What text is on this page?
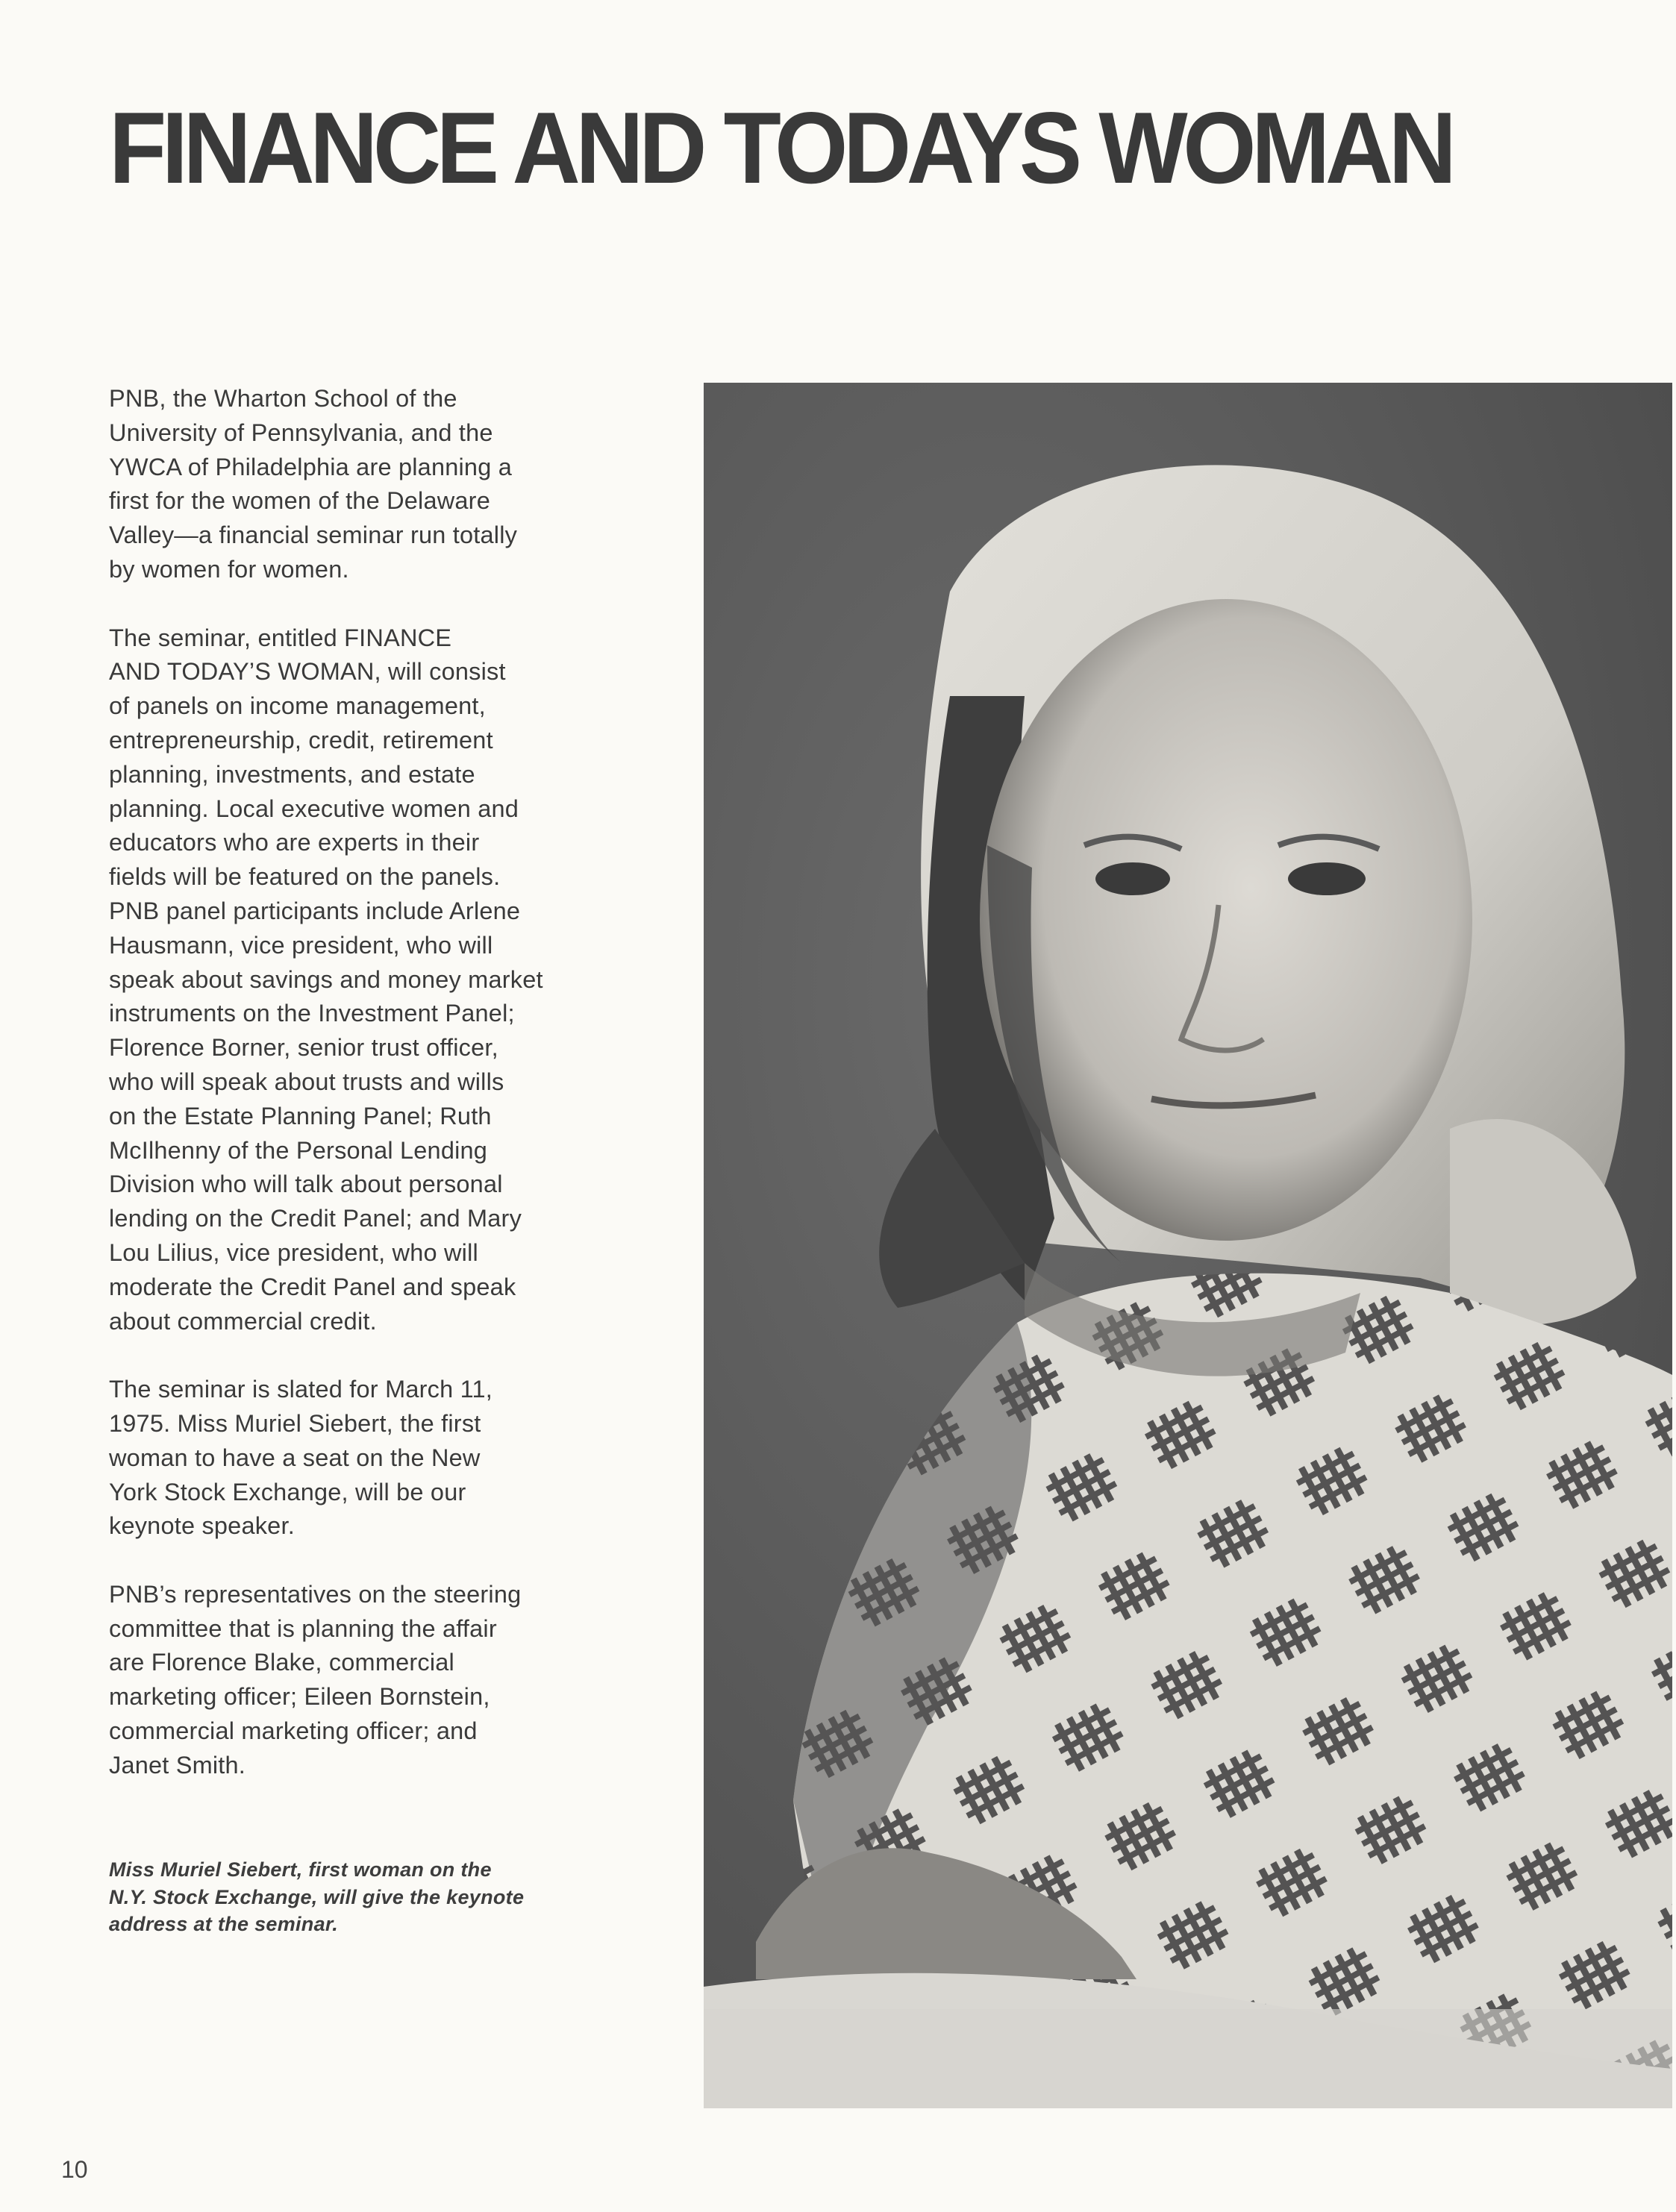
FINANCE AND TODAYS WOMAN

PNB, the Wharton School of the
University of Pennsylvania, and the
YWCA of Philadelphia are planning a
first for the women of the Delaware
Valley—a financial seminar run totally
by women for women.

The seminar, entitled FINANCE
AND TODAY’S WOMAN, will consist
of panels on income management,
entrepreneurship, credit, retirement
planning, investments, and estate
planning. Local executive women and
educators who are experts in their
fields will be featured on the panels.
PNB panel participants include Arlene
Hausmann, vice president, who will
speak about savings and money market
instruments on the Investment Panel;
Florence Borner, senior trust officer,
who will speak about trusts and wills
on the Estate Planning Panel; Ruth
McIlhenny of the Personal Lending
Division who will talk about personal
lending on the Credit Panel; and Mary
Lou Lilius, vice president, who will
moderate the Credit Panel and speak
about commercial credit.

The seminar is slated for March 11,
1975. Miss Muriel Siebert, the first
woman to have a seat on the New
York Stock Exchange, will be our
keynote speaker.

PNB’s representatives on the steering
committee that is planning the affair
are Florence Blake, commercial
marketing officer; Eileen Bornstein,
commercial marketing officer; and
Janet Smith.

Miss Muriel Siebert, first woman on the
N.Y. Stock Exchange, will give the keynote
address at the seminar.
10
